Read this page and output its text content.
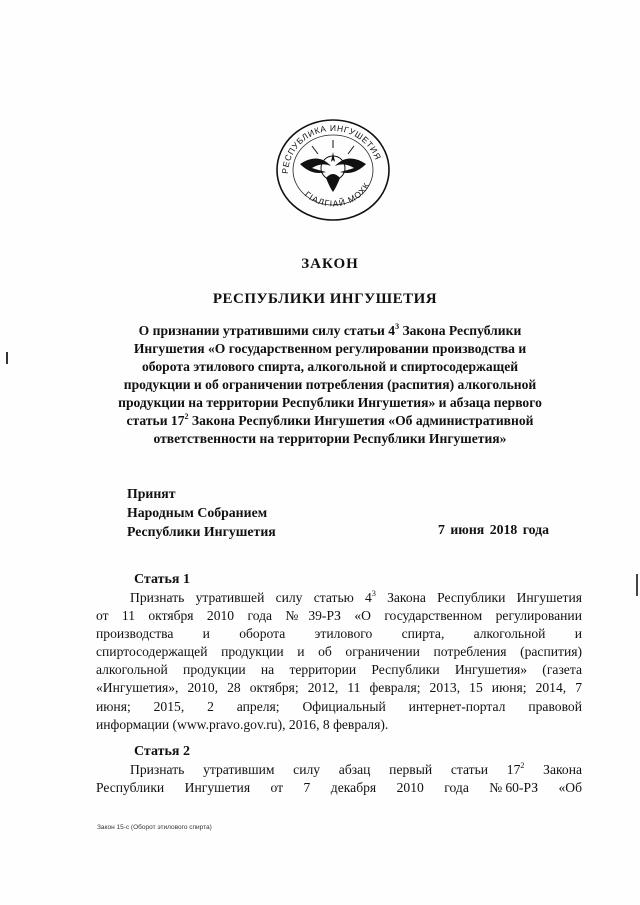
РЕСПУБЛИКА ИНГУШЕТИЯ
ГIАЛГIАЙ МОХК
ЗАКОН
РЕСПУБЛИКИ ИНГУШЕТИЯ
О признании утратившими силу статьи $4^3$ Закона Республики
Ингушетия «О государственном регулировании производства и
оборота этилового спирта, алкогольной и спиртосодержащей
продукции и об ограничении потребления (распития) алкогольной
продукции на территории Республики Ингушетия» и абзаца первого
статьи $17^2$ Закона Республики Ингушетия «Об административной
ответственности на территории Республики Ингушетия»
Принят
Народным Собранием
Республики Ингушетия	7 июня 2018 года
Статья 1
Признать утратившей силу статью $4^3$ Закона Республики Ингушетия
от 11 октября 2010 года №39-РЗ «О государственном регулировании
производства и оборота этилового спирта, алкогольной и
спиртосодержащей продукции и об ограничении потребления (распития)
алкогольной продукции на территории Республики Ингушетия» (газета
«Ингушетия», 2010, 28 октября; 2012, 11 февраля; 2013, 15 июня; 2014, 7
июня; 2015, 2 апреля; Официальный интернет-портал правовой
информации (www.pravo.gov.ru), 2016, 8 февраля).
Статья 2
Признать утратившим силу абзац первый статьи $17^2$ Закона
Республики Ингушетия от 7 декабря 2010 года №60-РЗ «Об
Закон 15-с (Оборот этилового спирта)
